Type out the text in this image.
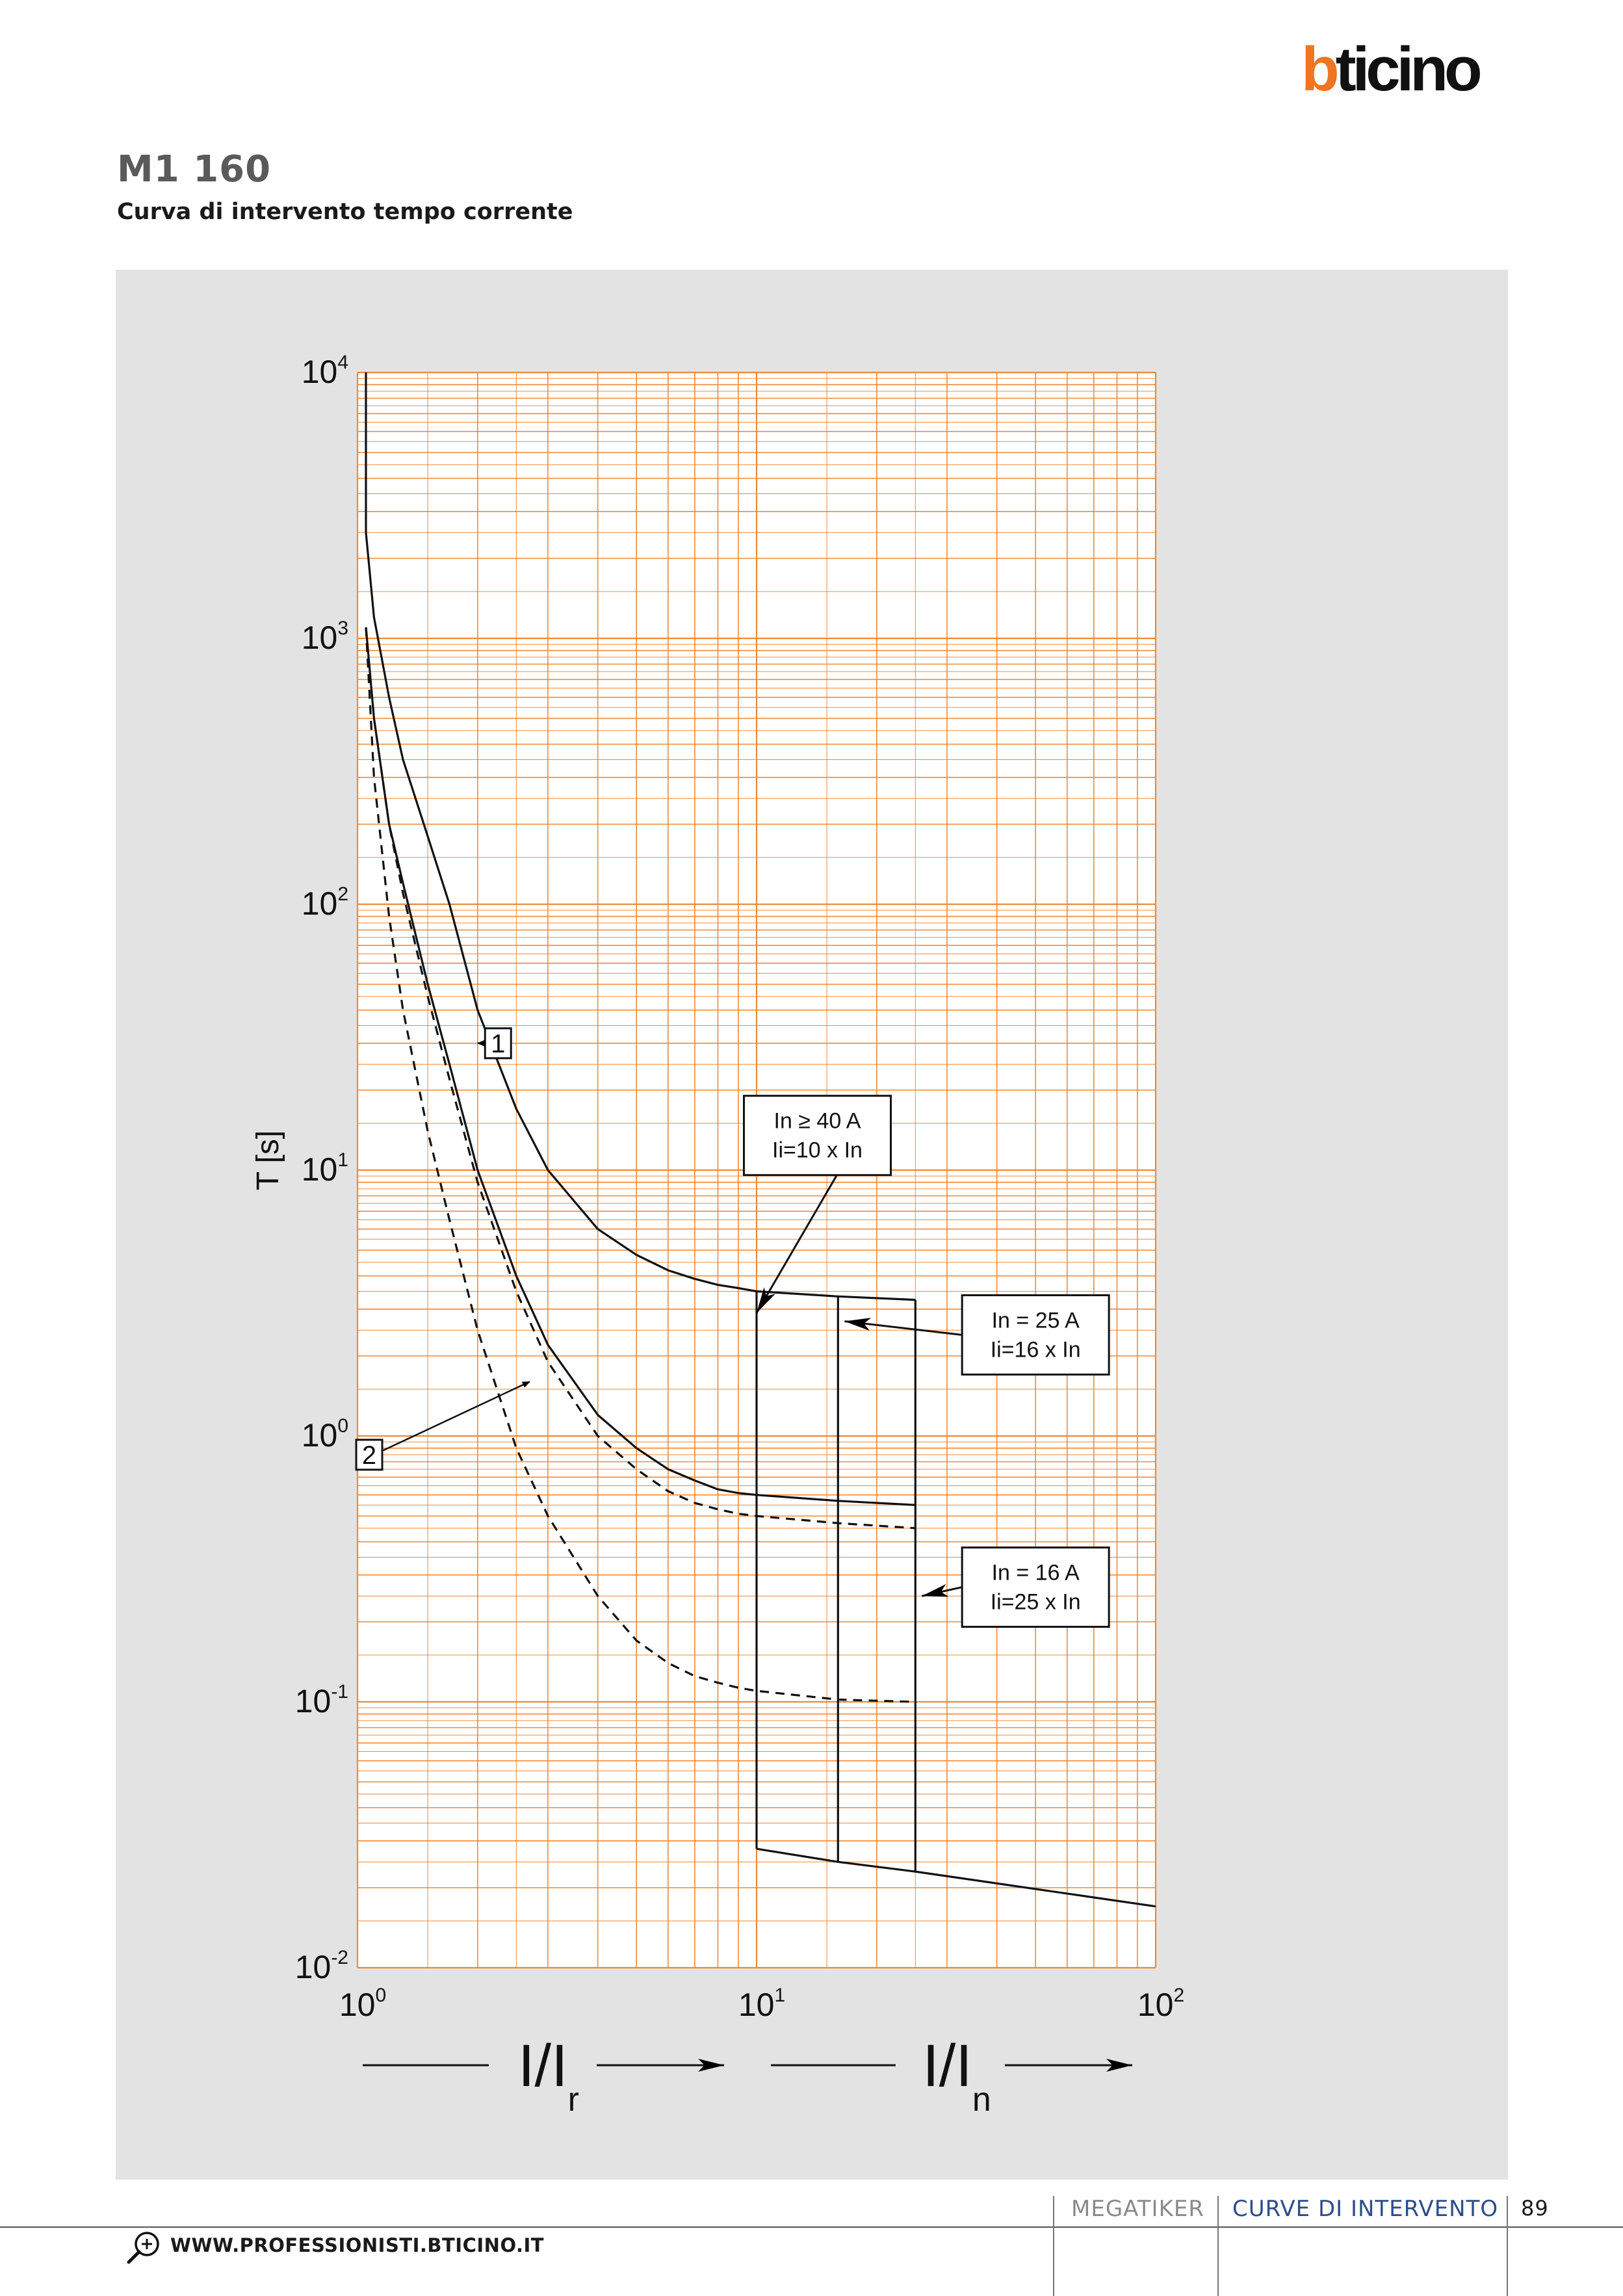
bticino
M1 160
Curva di intervento tempo corrente
1
2
In ≥ 40 A
Ii=10 x In
In = 25 A
Ii=16 x In
In = 16 A
Ii=25 x In
$10^4$
$10^3$
$10^2$
$10^1$
$10^0$
$10^{-1}$
$10^{-2}$
$10^0$	$10^1$	$10^2$
T [s]
$I/I_r$
$I/I_n$
MEGATIKER CURVE DI INTERVENTO 89
WWW.PROFESSIONISTI.BTICINO.IT
